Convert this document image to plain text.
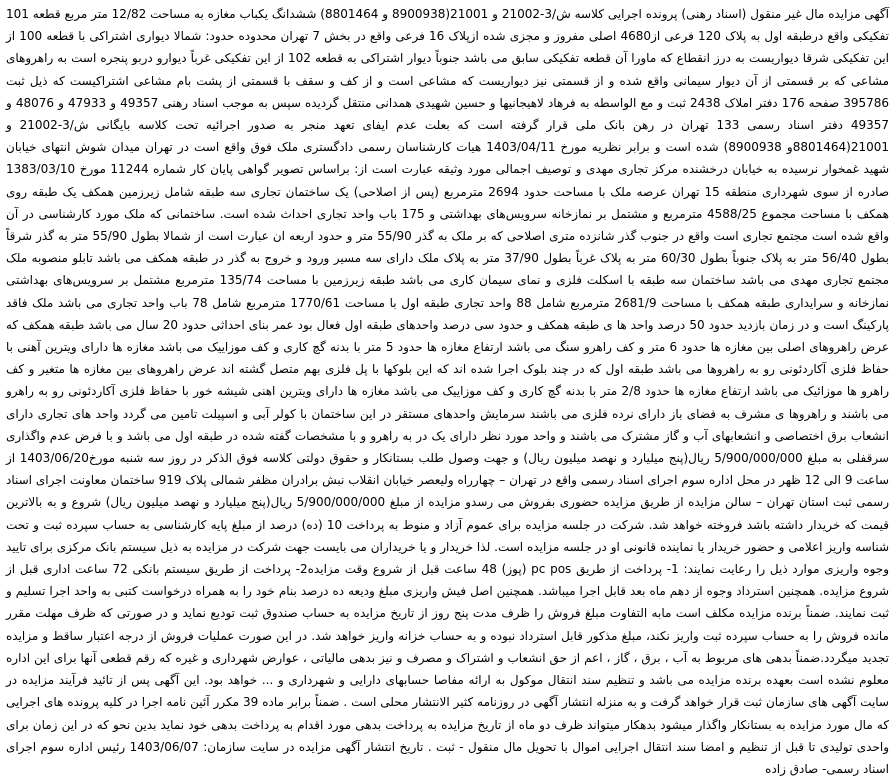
آگهی مزایده مال غیر منقول (اسناد رهنی) پرونده اجرایی کلاسه ش/3-21002 و 21001(8900938 و 8801464) ششدانگ یکباب مغازه به مساحت 12/82 متر مربع قطعه 101 تفکیکی واقع درطبقه اول به پلاک 120 فرعی از4680 اصلی مفروز و مجزی شده ازپلاک 16 فرعی واقع در بخش 7 تهران محدوده حدود: شمالا دیواری اشتراکی با قطعه 100 از این تفکیکی شرقا دیواریست به درز انقطاع که ماورا آن قطعه تفکیکی سابق می باشد جنوباً دیوار اشتراکی به قطعه 102 از این تفکیکی غرباً دیوارو دربو پنجره است به راهروهای مشاعی که بر قسمتی از آن دیوار سیمانی واقع شده و از قسمتی نیز دیواریست که مشاعی است و از کف و سقف با قسمتی از پشت بام مشاعی اشتراکیست که ذیل ثبت 395786 صفحه 176 دفتر املاک 2438 ثبت و مع الواسطه به فرهاد لاهیجانیها و حسین شهیدی همدانی منتقل گردیده سپس به موجب اسناد رهنی 49357 و 47933 و 48076 و 49357 دفتر اسناد رسمی 133 تهران در رهن بانک ملی قرار گرفته است که بعلت عدم ایفای تعهد منجر به صدور اجرائیه تحت کلاسه بایگانی ش/3-21002 و 21001(8801464و 8900938) شده است و برابر نظریه مورخ 1403/04/11 هیات کارشناسان رسمی دادگستری ملک فوق واقع است در تهران میدان شوش انتهای خیابان شهید غمخوار نرسیده به خیابان درخشنده مرکز تجاری مهدی و توصیف اجمالی مورد وثیقه عبارت است از: براساس تصویر گواهی پایان کار شماره 11244 مورخ 1383/03/10 صادره از سوی شهرداری منطقه 15 تهران عرصه ملک با مساحت حدود 2694 مترمربع (پس از اصلاحی) یک ساختمان تجاری سه طبقه شامل زیرزمین همکف یک طبقه روی همکف با مساحت مجموع 4588/25 مترمربع و مشتمل بر نمازخانه سرویس‌های بهداشتی و 175 باب واحد تجاری احداث شده است. ساختمانی که ملک مورد کارشناسی در آن واقع شده است مجتمع تجاری است واقع در جنوب گذر شانزده متری اصلاحی که بر ملک به گذر 55/90 متر و حدود اربعه ان عبارت است از شمالا بطول 55/90 متر به گذر شرقاً بطول 56/40 متر به پلاک جنوباً بطول 60/30 متر به پلاک غرباً بطول 37/90 متر به پلاک ملک دارای سه مسیر ورود و خروج به گذر در طبقه همکف می باشد تابلو منصوبه ملک مجتمع تجاری مهدی می باشد ساختمان سه طبقه با اسکلت فلزی و نمای سیمان کاری می باشد طبقه زیرزمین با مساحت 135/74 مترمربع مشتمل بر سرویس‌های بهداشتی نمازخانه و سرایداری طبقه همکف با مساحت 2681/9 مترمربع شامل 88 واحد تجاری طبقه اول با مساحت 1770/61 مترمربع شامل 78 باب واحد تجاری می باشد ملک فاقد پارکینگ است و در زمان بازدید حدود 50 درصد واحد ها ی طبقه همکف و حدود سی درصد واحدهای طبقه اول فعال بود عمر بنای احداثی حدود 20 سال می باشد طبقه همکف که عرض راهروهای اصلی بین مغازه ها حدود 6 متر و کف راهرو سنگ می باشد ارتفاع مغازه ها حدود 5 متر با بدنه گچ کاری و کف موزاییک می باشد مغازه ها دارای ویترین آهنی با حفاظ فلزی آکاردئونی رو به راهروها می باشد طبقه اول که در چند بلوک اجرا شده اند که این بلوکها با پل فلزی بهم متصل گشته اند عرض راهروهای بین مغازه ها متغیر و کف راهرو ها موزائیک می باشد ارتفاع مغازه ها حدود 2/8 متر با بدنه گچ کاری و کف موزاییک می باشد مغازه ها دارای ویترین اهنی شیشه خور با حفاظ فلزی آکاردئونی رو به راهرو می باشند و راهروها ی مشرف به فضای باز دارای نرده فلزی می باشند سرمایش واحدهای مستقر در این ساختمان با کولر آبی و اسپیلت تامین می گردد واحد های تجاری دارای انشعاب برق اختصاصی و انشعابهای آب و گاز مشترک می باشند و واحد مورد نظر دارای یک در به راهرو و با مشخصات گفته شده در طبقه اول می باشد و با فرض عدم واگذاری سرقفلی به مبلغ 5/900/000/000 ریال(پنج میلیارد و نهصد میلیون ریال) و جهت وصول طلب بستانکار و حقوق دولتی کلاسه فوق الذکر در روز سه شنبه مورخ1403/06/20 از ساعت 9 الی 12 ظهر در محل اداره سوم اجرای اسناد رسمی واقع در تهران – چهارراه ولیعصر خیابان انقلاب نبش برادران مظفر شمالی پلاک 919 ساختمان معاونت اجرای اسناد رسمی ثبت استان تهران – سالن مزایده از طریق مزایده حضوری بفروش می رسدو مزایده از مبلغ 5/900/000/000 ریال(پنج میلیارد و نهصد میلیون ریال) شروع و به بالاترین قیمت که خریدار داشته باشد فروخته خواهد شد. شرکت در جلسه مزایده برای عموم آزاد و منوط به پرداخت 10 (ده) درصد از مبلغ پایه کارشناسی به حساب سپرده ثبت و تحت شناسه واریز اعلامی و حضور خریدار یا نماینده قانونی او در جلسه مزایده است. لذا خریدار و یا خریداران می بایست جهت شرکت در مزایده به ذیل سیستم بانک مرکزی برای تایید وجوه واریزی موارد ذیل را رعایت نمایند: 1- پرداخت از طریق pc pos (پوز) 48 ساعت قبل از شروع وقت مزایده2- پرداخت از طریق سیستم بانکی 72 ساعت اداری قبل از شروع مزایده. همچنین استرداد وجوه از دهم ماه بعد قابل اجرا میباشد. همچنین اصل فیش واریزی مبلغ ودیعه ده درصد بنام خود را به همراه درخواست کتبی به واحد اجرا تسلیم و ثبت نمایند. ضمناً برنده مزایده مکلف است مابه التفاوت مبلغ فروش را ظرف مدت پنج روز از تاریخ مزایده به حساب صندوق ثبت تودیع نماید و در صورتی که ظرف مهلت مقرر مانده فروش را به حساب سپرده ثبت واریز نکند، مبلغ مذکور قابل استرداد نبوده و به حساب خزانه واریز خواهد شد. در این صورت عملیات فروش از درجه اعتبار ساقط و مزایده تجدید میگردد.ضمناً بدهی های مربوط به آب ، برق ، گاز ، اعم از حق انشعاب و اشتراک و مصرف و نیز بدهی مالیاتی ، عوارض شهرداری و غیره که رقم قطعی آنها برای این اداره معلوم نشده است بعهده برنده مزایده می باشد و تنظیم سند انتقال موکول به ارائه مفاصا حسابهای دارایی و شهرداری و ... خواهد بود. این آگهی پس از تائید فرآیند مزایده در سایت آگهی های سازمان ثبت قرار خواهد گرفت و به منزله انتشار آگهی در روزنامه کثیر الانتشار محلی است . ضمناً برابر ماده 39 مکرر آئین نامه اجرا در کلیه پرونده های اجرایی که مال مورد مزایده به بستانکار واگذار میشود بدهکار میتواند ظرف دو ماه از تاریخ مزایده به پرداخت بدهی مورد اقدام به پرداخت بدهی خود نماید بدین نحو که در این زمان برای واحدی تولیدی تا قبل از تنظیم و امضا سند انتقال اجرایی اموال با تحویل مال منقول - ثبت . تاریخ انتشار آگهی مزایده در سایت سازمان: 1403/06/07 رئیس اداره سوم اجرای اسناد رسمی- صادق زاده
